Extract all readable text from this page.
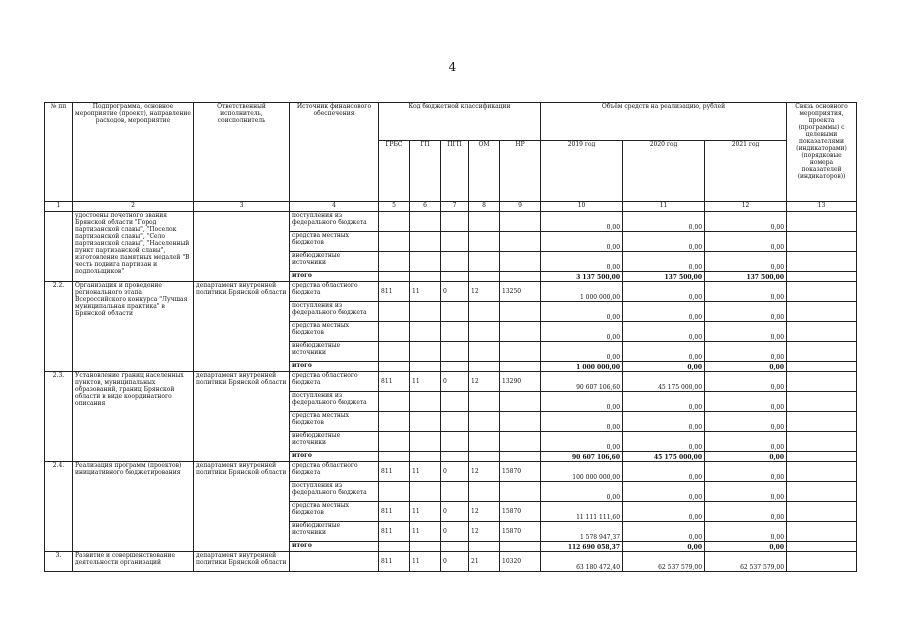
4
№ пп	Подпрограмма, основное мероприятие (проект), направление расходов, мероприятие	Ответственный исполнитель, соисполнитель	Источник финансового обеспечения	Код бюджетной классификации					Объём средств на реализацию, рублей			Связь основного мероприятия, проекта (программы) с целевыми показателями (индикаторами) (порядковые номера показателей (индикаторов))
				ГРБС	ГП	ПГП	ОМ	НР	2019 год	2020 год	2021 год	
1	2	3	4	5	6	7	8	9	10	11	12	13
	удостоены почетного звания Брянской области "Город партизанской славы", "Поселок партизанской славы", "Село партизанской славы", "Населенный пункт партизанской славы", изготовление памятных медалей "В честь подвига партизан и подпольщиков"		поступления из федерального бюджета						0,00	0,00	0,00	
			средства местных бюджетов						0,00	0,00	0,00	
			внебюджетные источники						0,00	0,00	0,00	
			итого						3 137 500,00	137 500,00	137 500,00	
2.2.	Организация и проведение регионального этапа Всероссийского конкурса "Лучшая муниципальная практика" в Брянской области	департамент внутренней политики Брянской области	средства областного бюджета	811	11	0	12	13250	1 000 000,00	0,00	0,00	
			поступления из федерального бюджета						0,00	0,00	0,00	
			средства местных бюджетов						0,00	0,00	0,00	
			внебюджетные источники						0,00	0,00	0,00	
			итого						1 000 000,00	0,00	0,00	
2.3.	Установление границ населенных пунктов, муниципальных образований, границ Брянской области в виде координатного описания	департамент внутренней политики Брянской области	средства областного бюджета	811	11	0	12	13290	90 607 106,60	45 175 000,00	0,00	
			поступления из федерального бюджета						0,00	0,00	0,00	
			средства местных бюджетов						0,00	0,00	0,00	
			внебюджетные источники						0,00	0,00	0,00	
			итого						90 607 106,60	45 175 000,00	0,00	
2.4.	Реализация программ (проектов) инициативного бюджетирования	департамент внутренней политики Брянской области	средства областного бюджета	811	11	0	12	15870	100 000 000,00	0,00	0,00	
			поступления из федерального бюджета						0,00	0,00	0,00	
			средства местных бюджетов	811	11	0	12	15870	11 111 111,60	0,00	0,00	
			внебюджетные источники	811	11	0	12	15870	1 578 947,37	0,00	0,00	
			итого						112 690 058,37	0,00	0,00	
3.	Развитие и совершенствование деятельности организаций	департамент внутренней политики Брянской области		811	11	0	21	10320	63 180 472,40	62 537 579,00	62 537 579,00	
